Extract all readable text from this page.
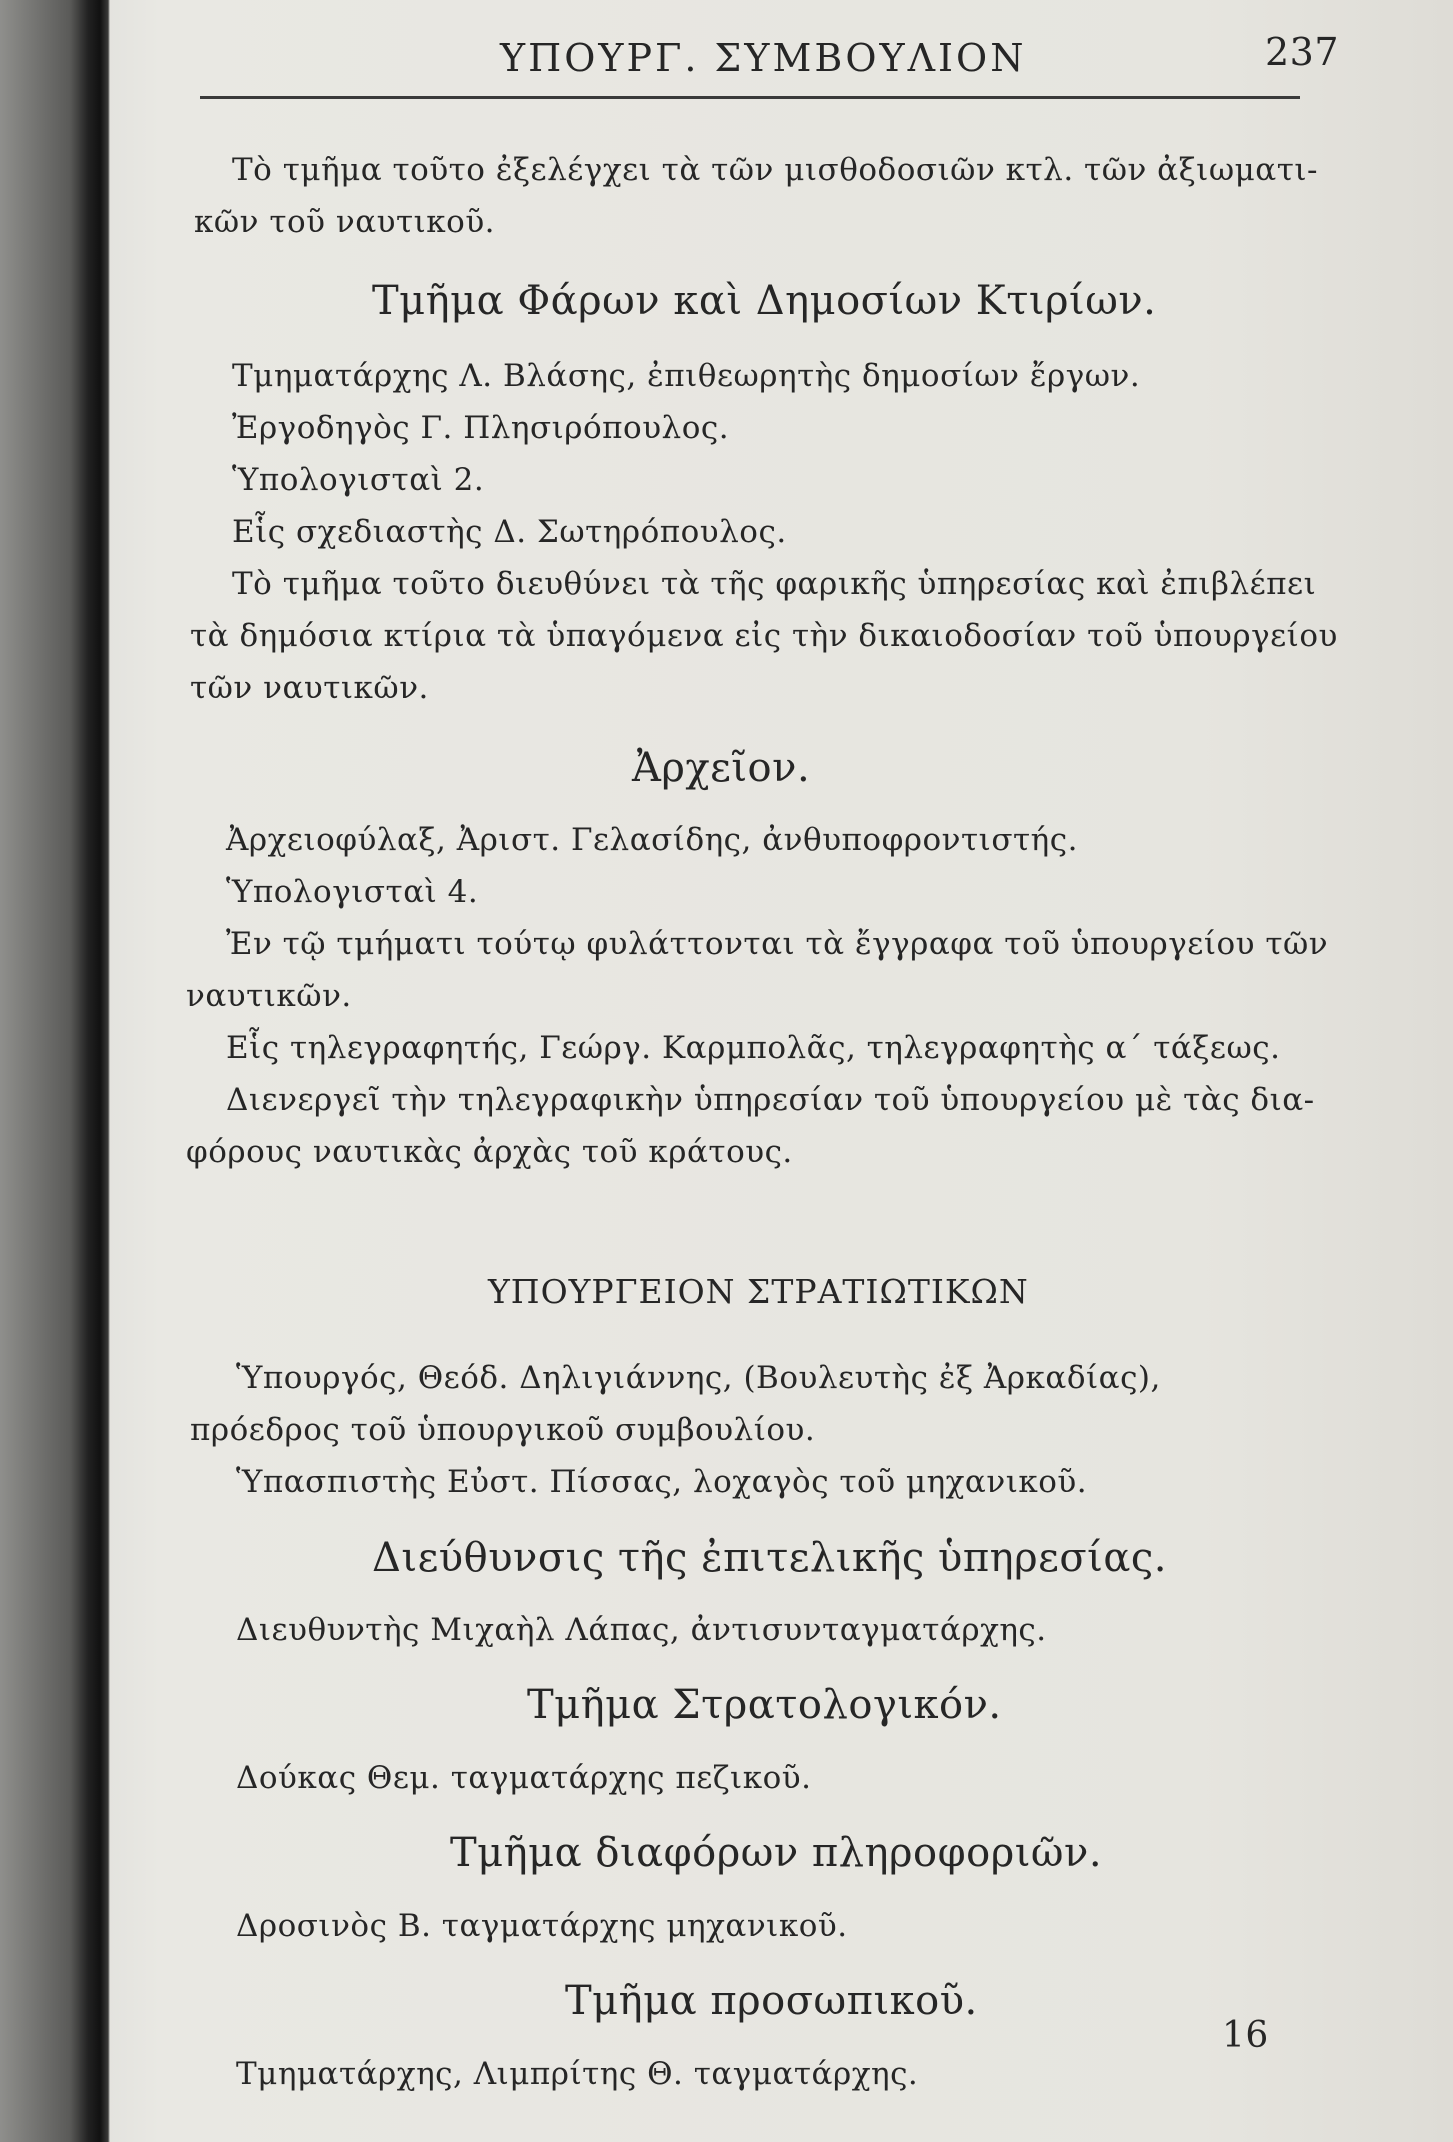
ΥΠΟΥΡΓ. ΣΥΜΒΟΥΛΙΟΝ	237
Τὸ τμῆμα τοῦτο ἐξελέγχει τὰ τῶν μισθοδοσιῶν κτλ. τῶν ἀξιωματι-
κῶν τοῦ ναυτικοῦ.
Τμῆμα Φάρων καὶ Δημοσίων Κτιρίων.
Τμηματάρχης Λ. Βλάσης, ἐπιθεωρητὴς δημοσίων ἔργων.
Ἐργοδηγὸς Γ. Πλησιρόπουλος.
Ὑπολογισταὶ 2.
Εἷς σχεδιαστὴς Δ. Σωτηρόπουλος.
Τὸ τμῆμα τοῦτο διευθύνει τὰ τῆς φαρικῆς ὑπηρεσίας καὶ ἐπιβλέπει
τὰ δημόσια κτίρια τὰ ὑπαγόμενα εἰς τὴν δικαιοδοσίαν τοῦ ὑπουργείου
τῶν ναυτικῶν.
Ἀρχεῖον.
Ἀρχειοφύλαξ, Ἀριστ. Γελασίδης, ἀνθυποφροντιστής.
Ὑπολογισταὶ 4.
Ἐν τῷ τμήματι τούτῳ φυλάττονται τὰ ἔγγραφα τοῦ ὑπουργείου τῶν
ναυτικῶν.
Εἷς τηλεγραφητής, Γεώργ. Καρμπολᾶς, τηλεγραφητὴς α΄ τάξεως.
Διενεργεῖ τὴν τηλεγραφικὴν ὑπηρεσίαν τοῦ ὑπουργείου μὲ τὰς δια-
φόρους ναυτικὰς ἀρχὰς τοῦ κράτους.
ΥΠΟΥΡΓΕΙΟΝ ΣΤΡΑΤΙΩΤΙΚΩΝ
Ὑπουργός, Θεόδ. Δηλιγιάννης, (Βουλευτὴς ἐξ Ἀρκαδίας),
πρόεδρος τοῦ ὑπουργικοῦ συμβουλίου.
Ὑπασπιστὴς Εὐστ. Πίσσας, λοχαγὸς τοῦ μηχανικοῦ.
Διεύθυνσις τῆς ἐπιτελικῆς ὑπηρεσίας.
Διευθυντὴς Μιχαὴλ Λάπας, ἀντισυνταγματάρχης.
Τμῆμα Στρατολογικόν.
Δούκας Θεμ. ταγματάρχης πεζικοῦ.
Τμῆμα διαφόρων πληροφοριῶν.
Δροσινὸς Β. ταγματάρχης μηχανικοῦ.
Τμῆμα προσωπικοῦ.
Τμηματάρχης, Λιμπρίτης Θ. ταγματάρχης.
16
